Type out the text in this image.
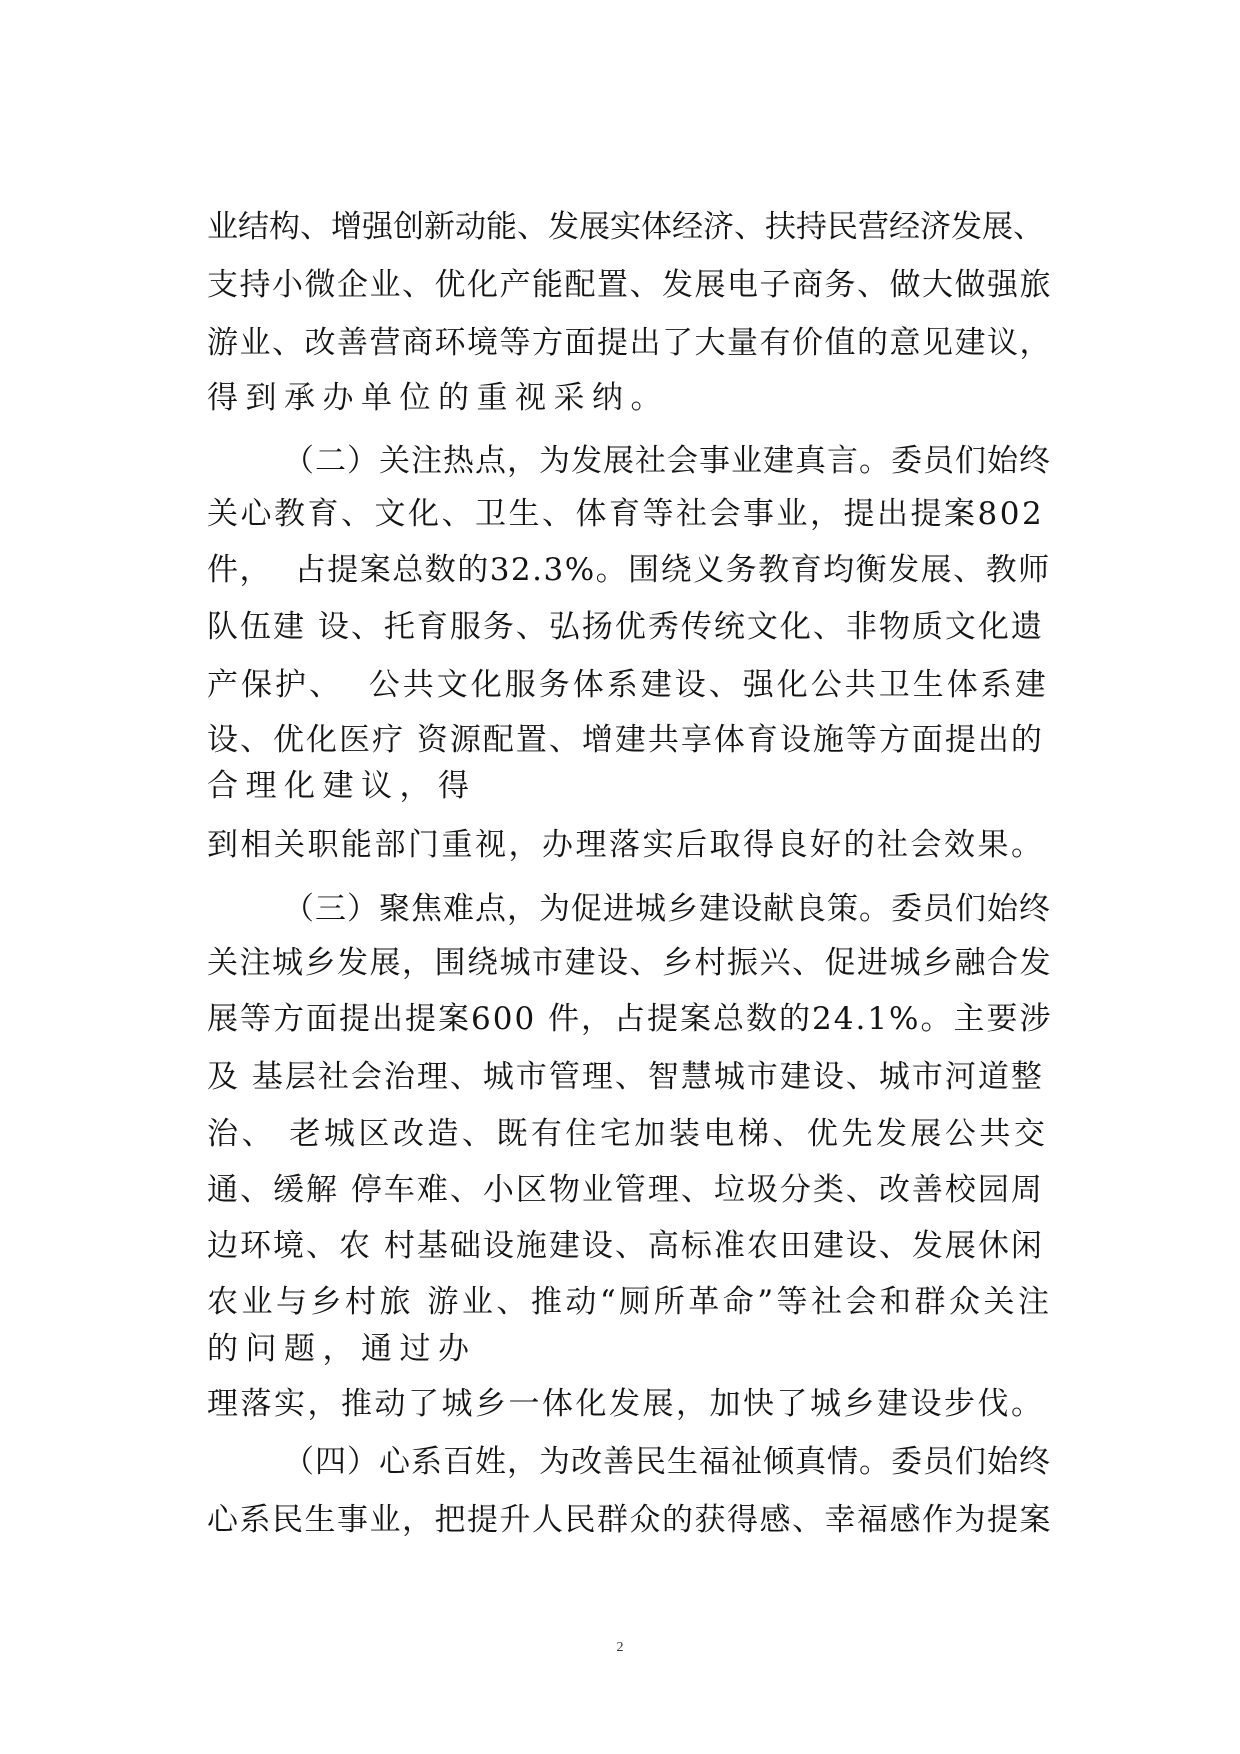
业结构、增强创新动能、发展实体经济、扶持民营经济发展、
支持小微企业、优化产能配置、发展电子商务、做大做强旅
游业、改善营商环境等方面提出了大量有价值的意见建议，
得到承办单位的重视采纳。
（二）关注热点，为发展社会事业建真言。委员们始终
关心教育、文化、卫生、体育等社会事业，提出提案802
件，  占提案总数的32.3%。围绕义务教育均衡发展、教师
队伍建 设、托育服务、弘扬优秀传统文化、非物质文化遗
产保护、  公共文化服务体系建设、强化公共卫生体系建
设、优化医疗 资源配置、增建共享体育设施等方面提出的
合理化建议，得
到相关职能部门重视，办理落实后取得良好的社会效果。
（三）聚焦难点，为促进城乡建设献良策。委员们始终
关注城乡发展，围绕城市建设、乡村振兴、促进城乡融合发
展等方面提出提案600 件，占提案总数的24.1%。主要涉
及 基层社会治理、城市管理、智慧城市建设、城市河道整
治、 老城区改造、既有住宅加装电梯、优先发展公共交
通、缓解 停车难、小区物业管理、垃圾分类、改善校园周
边环境、农 村基础设施建设、高标准农田建设、发展休闲
农业与乡村旅 游业、推动“厕所革命”等社会和群众关注
的问题，通过办
理落实，推动了城乡一体化发展，加快了城乡建设步伐。
（四）心系百姓，为改善民生福祉倾真情。委员们始终
心系民生事业，把提升人民群众的获得感、幸福感作为提案
2
